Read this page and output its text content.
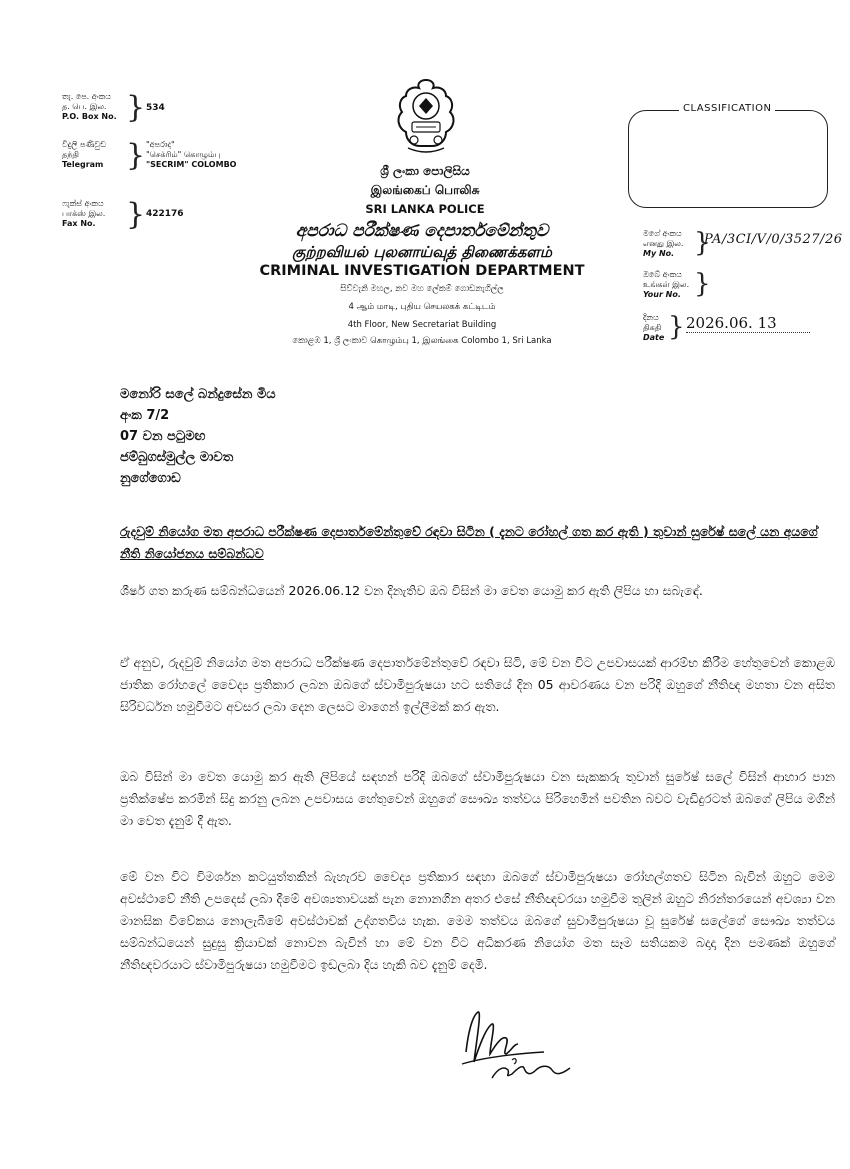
තැ. පෙ. අංකය
த. பெ. இல.
P.O. Box No. } 534
විදුලි පණිවුඩ
தந்தி
Telegram } "අපරාද"
"செக்ரிம்" கொழும்பு
"SECRIM" COLOMBO
ෆැක්ස් අංකය
பாக்ஸ் இல.
Fax No.	} 422176
ශ්‍රී ලංකා පොලිසිය
இலங்கைப் பொலிசு
SRI LANKA POLICE
අපරාධ පරීක්ෂණ දෙපාර්තමේන්තුව
குற்றவியல் புலனாய்வுத் திணைக்களம்
CRIMINAL INVESTIGATION DEPARTMENT
සිව්වැනි මහල, නව මහ ලේකම් ගොඩනැගිල්ල
4 ஆம் மாடி, புதிய செயலகக் கட்டிடம்
4th Floor, New Secretariat Building
කොළඹ 1, ශ්‍රී ලංකාව கொழும்பு 1, இலங்கை Colombo 1, Sri Lanka
CLASSIFICATION
මගේ අංකය
எனது இல.
My No. }
PA/3CI/V/0/3527/26
ඔබේ අංකය
உங்கள் இல.
Your No. }
දිනය
திகதி
Date } 2026.06. 13
මනෝරි සලේ බන්දුසේන මිය
අංක 7/2
07 වන පටුමඟ
ජම්බුගස්මුල්ල මාවත
නුගේගොඩ
රුදවුම් නියෝග මත අපරාධ පරීක්ෂණ දෙපාර්තමේන්තුවේ රඳවා සිටින ( දැනට රෝහල් ගත කර ඇති ) තුවාන් සුරේෂ් සලේ යන අයගේ නීති නියෝජනය සම්බන්ධව
ශීර්ෂ ගත කරුණ සම්බන්ධයෙන් 2026.06.12 වන දිනැතිව ඔබ විසින් මා වෙත යොමු කර ඇති ලිපිය හා සබැඳේ.
ඒ අනුව, රුදවුම් නියෝග මත අපරාධ පරීක්ෂණ දෙපාර්තමේන්තුවේ රඳවා සිටි, මේ වන විට උපවාසයක් ආරම්භ කිරීම හේතුවෙන් කොළඹ ජාතික රෝහලේ වෛද්‍ය ප්‍රතිකාර ලබන ඔබගේ ස්වාමිපුරුෂයා හට සතියේ දින 05 ආවරණය වන පරිදි ඔහුගේ නීතිඥ මහතා වන අසිත සිරිවර්ධන හමුවීමට අවසර ලබා දෙන ලෙසට මාගෙන් ඉල්ලීමක් කර ඇත.
ඔබ විසින් මා වෙත යොමු කර ඇති ලිපියේ සඳහන් පරිදි ඔබගේ ස්වාමිපුරුෂයා වන සැකකරු තුවාන් සුරේෂ් සලේ විසින් ආහාර පාන ප්‍රතික්ෂේප කරමින් සිදු කරනු ලබන උපවාසය හේතුවෙන් ඔහුගේ සෞඛ්‍ය තත්වය පිරිහෙමින් පවතින බවට වැඩිදුරටත් ඔබගේ ලිපිය මගින් මා වෙත දැනුම් දී ඇත.
මේ වන විට විමර්ශන කටයුත්තකින් බැහැරව වෛද්‍ය ප්‍රතිකාර සඳහා ඔබගේ ස්වාමිපුරුෂයා රෝහල්ගතව සිටින බැවින් ඔහුට මෙම අවස්ථාවේ නීති උපදෙස් ලබා දීමේ අවශ්‍යතාවයක් පැන නොනගින අතර එසේ නීතිඥවරයා හමුවීම තුලින් ඔහුට නිරන්තරයෙන් අවශ්‍යා වන මානසික විවේකය නොලැබීමේ අවස්ථාවක් උද්ගතවිය හැක. මෙම තත්වය ඔබගේ සුවාමිපුරුෂයා වූ සුරේෂ් සලේගේ සෞඛ්‍ය තත්වය සම්බන්ධයෙන් සුදුසු ක්‍රියාවක් නොවන බැවින් හා මේ වන විට අධිකරණ නියෝග මත සෑම සතියකම බදාදා දින පමණක් ඔහුගේ නීතිඥවරයාට ස්වාමිපුරුෂයා හමුවීමට ඉඩලබා දිය හැකි බව දැනුම් දෙමි.
